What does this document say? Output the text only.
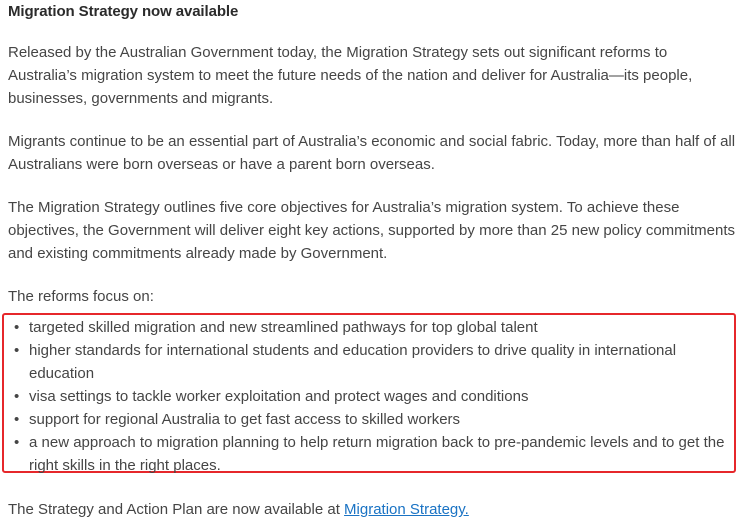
Migration Strategy now available

Released by the Australian Government today, the Migration Strategy sets out significant reforms to Australia’s migration system to meet the future needs of the nation and deliver for Australia—its people, businesses, governments and migrants.

Migrants continue to be an essential part of Australia’s economic and social fabric. Today, more than half of all Australians were born overseas or have a parent born overseas.

The Migration Strategy outlines five core objectives for Australia’s migration system. To achieve these objectives, the Government will deliver eight key actions, supported by more than 25 new policy commitments and existing commitments already made by Government.

The reforms focus on:

• targeted skilled migration and new streamlined pathways for top global talent
• higher standards for international students and education providers to drive quality in international education
• visa settings to tackle worker exploitation and protect wages and conditions
• support for regional Australia to get fast access to skilled workers
• a new approach to migration planning to help return migration back to pre-pandemic levels and to get the right skills in the right places.
The Strategy and Action Plan are now available at Migration Strategy.
